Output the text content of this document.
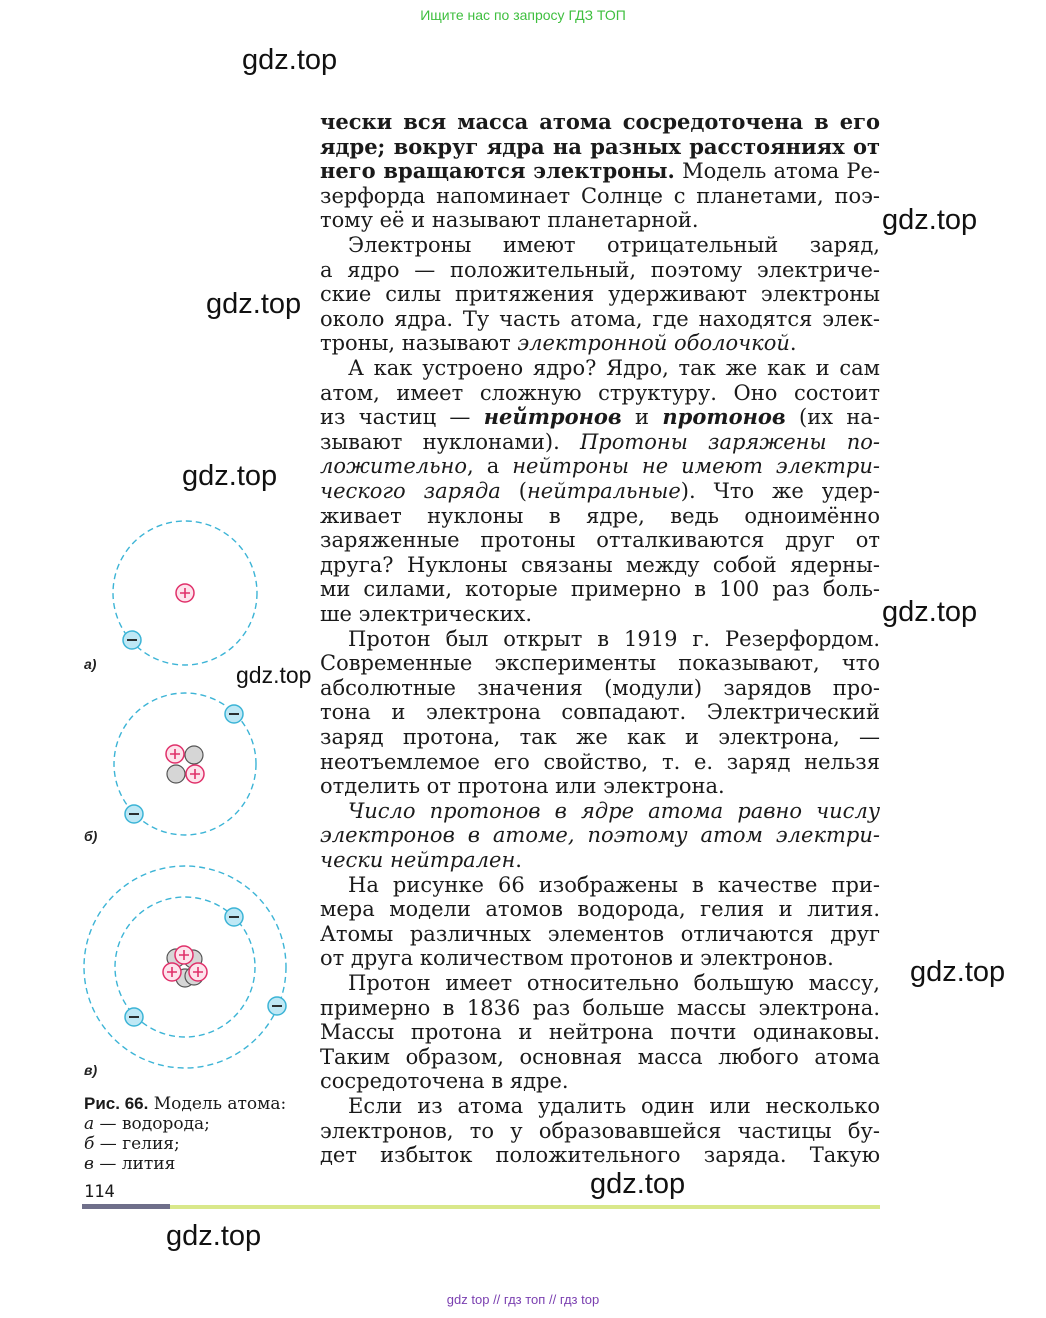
Ищите нас по запросу ГДЗ ТОП
gdz.top
gdz.top
gdz.top
gdz.top
gdz.top
gdz.top
gdz.top
gdz.top
gdz.top
чески вся масса атома сосредоточена в его
ядре; вокруг ядра на разных расстояниях от
него вращаются электроны. Модель атома Ре-
зерфорда напоминает Солнце с планетами, поэ-
тому её и называют планетарной.
Электроны имеют отрицательный заряд,
а ядро — положительный, поэтому электриче-
ские силы притяжения удерживают электроны
около ядра. Ту часть атома, где находятся элек-
троны, называют электронной оболочкой.
А как устроено ядро? Ядро, так же как и сам
атом, имеет сложную структуру. Оно состоит
из частиц — нейтронов и протонов (их на-
зывают нуклонами). Протоны заряжены по-
ложительно, а нейтроны не имеют электри-
ческого заряда (нейтральные). Что же удер-
живает нуклоны в ядре, ведь одноимённо
заряженные протоны отталкиваются друг от
друга? Нуклоны связаны между собой ядерны-
ми силами, которые примерно в 100 раз боль-
ше электрических.
Протон был открыт в 1919 г. Резерфордом.
Современные эксперименты показывают, что
абсолютные значения (модули) зарядов про-
тона и электрона совпадают. Электрический
заряд протона, так же как и электрона, —
неотъемлемое его свойство, т. е. заряд нельзя
отделить от протона или электрона.
Число протонов в ядре атома равно числу
электронов в атоме, поэтому атом электри-
чески нейтрален.
На рисунке 66 изображены в качестве при-
мера модели атомов водорода, гелия и лития.
Атомы различных элементов отличаются друг
от друга количеством протонов и электронов.
Протон имеет относительно большую массу,
примерно в 1836 раз больше массы электрона.
Массы протона и нейтрона почти одинаковы.
Таким образом, основная масса любого атома
сосредоточена в ядре.
Если из атома удалить один или несколько
электронов, то у образовавшейся частицы бу-
дет избыток положительного заряда. Такую
а)
б)
в)
Рис. 66. Модель атома:
а — водорода;
б — гелия;
в — лития
114
gdz top // гдз топ // гдз top
